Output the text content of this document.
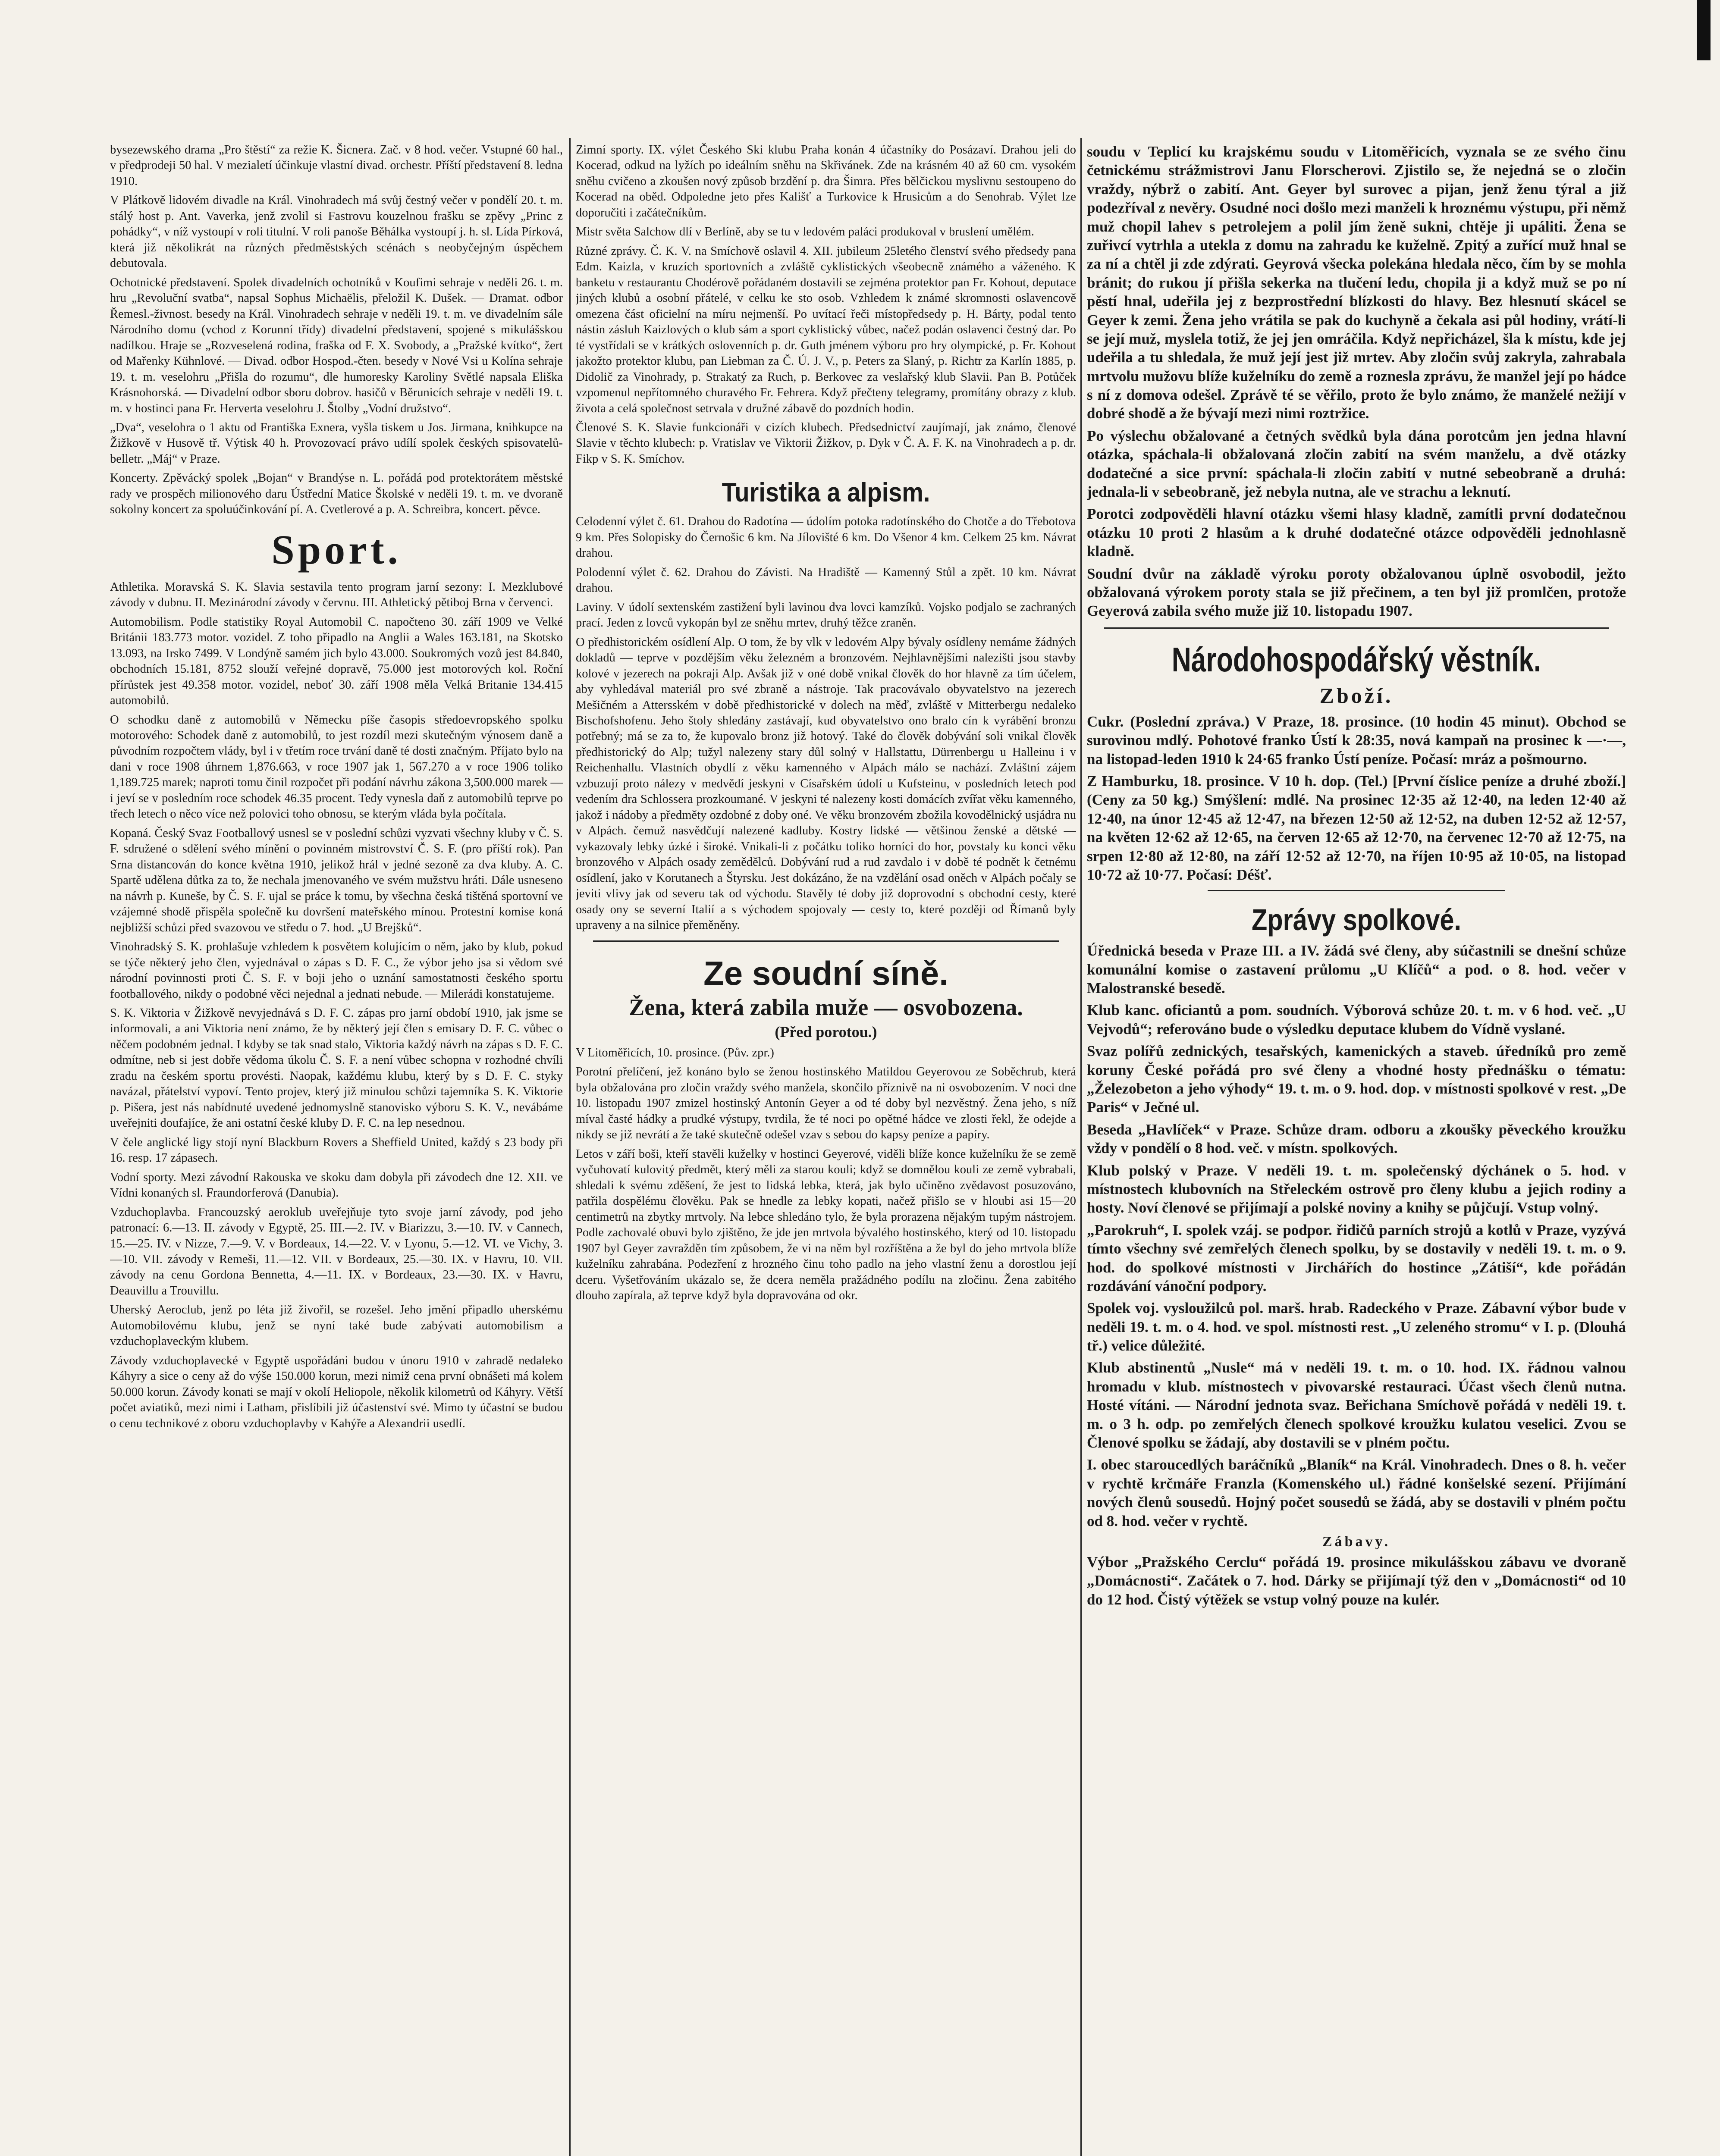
bysezewského drama „Pro štěstí“ za režie K. Šicnera. Zač. v 8 hod. večer. Vstupné 60 hal., v předprodeji 50 hal. V mezialetí účinkuje vlastní divad. orchestr. Příští představení 8. ledna 1910.

V Plátkově lidovém divadle na Král. Vinohradech má svůj čestný večer v pondělí 20. t. m. stálý host p. Ant. Vaverka, jenž zvolil si Fastrovu kouzelnou frašku se zpěvy „Princ z pohádky“, v níž vystoupí v roli titulní. V roli panoše Běhálka vystoupí j. h. sl. Lída Pírková, která již několikrát na různých předměstských scénách s neobyčejným úspěchem debutovala.

Ochotnické představení. Spolek divadelních ochotníků v Koufimi sehraje v neděli 26. t. m. hru „Revoluční svatba“, napsal Sophus Michaëlis, přeložil K. Dušek. — Dramat. odbor Řemesl.-živnost. besedy na Král. Vinohradech sehraje v neděli 19. t. m. ve divadelním sále Národního domu (vchod z Korunní třídy) divadelní představení, spojené s mikulášskou nadílkou. Hraje se „Rozveselená rodina, fraška od F. X. Svobody, a „Pražské kvítko“, žert od Mařenky Kühnlové. — Divad. odbor Hospod.-čten. besedy v Nové Vsi u Kolína sehraje 19. t. m. veselohru „Přišla do rozumu“, dle humoresky Karoliny Světlé napsala Eliška Krásnohorská. — Divadelní odbor sboru dobrov. hasičů v Běrunicích sehraje v neděli 19. t. m. v hostinci pana Fr. Herverta veselohru J. Štolby „Vodní družstvo“.

„Dva“, veselohra o 1 aktu od Františka Exnera, vyšla tiskem u Jos. Jirmana, knihkupce na Žižkově v Husově tř. Výtisk 40 h. Provozovací právo udílí spolek českých spisovatelů-belletr. „Máj“ v Praze.

Koncerty. Zpěvácký spolek „Bojan“ v Brandýse n. L. pořádá pod protektorátem městské rady ve prospěch milionového daru Ústřední Matice Školské v neděli 19. t. m. ve dvoraně sokolny koncert za spoluúčinkování pí. A. Cvetlerové a p. A. Schreibra, koncert. pěvce.

Sport.

Athletika. Moravská S. K. Slavia sestavila tento program jarní sezony: I. Mezklubové závody v dubnu. II. Mezinárodní závody v červnu. III. Athletický pětiboj Brna v červenci.

Automobilism. Podle statistiky Royal Automobil C. napočteno 30. září 1909 ve Velké Británii 183.773 motor. vozidel. Z toho připadlo na Anglii a Wales 163.181, na Skotsko 13.093, na Irsko 7499. V Londýně samém jich bylo 43.000. Soukromých vozů jest 84.840, obchodních 15.181, 8752 slouží veřejné dopravě, 75.000 jest motorových kol. Roční přírůstek jest 49.358 motor. vozidel, neboť 30. září 1908 měla Velká Britanie 134.415 automobilů.

O schodku daně z automobilů v Německu píše časopis středoevropského spolku motorového: Schodek daně z automobilů, to jest rozdíl mezi skutečným výnosem daně a původním rozpočtem vlády, byl i v třetím roce trvání daně té dosti značným. Příjato bylo na dani v roce 1908 úhrnem 1,876.663, v roce 1907 jak 1, 567.270 a v roce 1906 toliko 1,189.725 marek; naproti tomu činil rozpočet při podání návrhu zákona 3,500.000 marek — i jeví se v posledním roce schodek 46.35 procent. Tedy vynesla daň z automobilů teprve po třech letech o něco více než polovici toho obnosu, se kterým vláda byla počítala.

Kopaná. Český Svaz Footballový usnesl se v poslední schůzi vyzvati všechny kluby v Č. S. F. sdružené o sdělení svého mínění o povinném mistrovství Č. S. F. (pro příští rok). Pan Srna distancován do konce května 1910, jelikož hrál v jedné sezoně za dva kluby. A. C. Spartě udělena důtka za to, že nechala jmenovaného ve svém mužstvu hráti. Dále usneseno na návrh p. Kuneše, by Č. S. F. ujal se práce k tomu, by všechna česká tištěná sportovní ve vzájemné shodě přispěla společně ku dovršení mateřského mínou. Protestní komise koná nejbližší schůzi před svazovou ve středu o 7. hod. „U Brejšků“.

Vinohradský S. K. prohlašuje vzhledem k posvětem kolujícím o něm, jako by klub, pokud se týče některý jeho člen, vyjednával o zápas s D. F. C., že výbor jeho jsa si vědom své národní povinnosti proti Č. S. F. v boji jeho o uznání samostatnosti českého sportu footballového, nikdy o podobné věci nejednal a jednati nebude. — Milerádi konstatujeme.

S. K. Viktoria v Žižkově nevyjednává s D. F. C. zápas pro jarní období 1910, jak jsme se informovali, a ani Viktoria není známo, že by některý její člen s emisary D. F. C. vůbec o něčem podobném jednal. I kdyby se tak snad stalo, Viktoria každý návrh na zápas s D. F. C. odmítne, neb si jest dobře vědoma úkolu Č. S. F. a není vůbec schopna v rozhodné chvíli zradu na českém sportu provésti. Naopak, každému klubu, který by s D. F. C. styky navázal, přátelství vypoví. Tento projev, který již minulou schůzi tajemníka S. K. Viktorie p. Pišera, jest nás nabídnuté uvedené jednomyslně stanovisko výboru S. K. V., nevábáme uveřejniti doufajíce, že ani ostatní české kluby D. F. C. na lep nesednou.

V čele anglické ligy stojí nyní Blackburn Rovers a Sheffield United, každý s 23 body při 16. resp. 17 zápasech.

Vodní sporty. Mezi závodní Rakouska ve skoku dam dobyla při závodech dne 12. XII. ve Vídni konaných sl. Fraundorferová (Danubia).

Vzduchoplavba. Francouzský aeroklub uveřejňuje tyto svoje jarní závody, pod jeho patronací: 6.—13. II. závody v Egyptě, 25. III.—2. IV. v Biarizzu, 3.—10. IV. v Cannech, 15.—25. IV. v Nizze, 7.—9. V. v Bordeaux, 14.—22. V. v Lyonu, 5.—12. VI. ve Vichy, 3.—10. VII. závody v Remeši, 11.—12. VII. v Bordeaux, 25.—30. IX. v Havru, 10. VII. závody na cenu Gordona Bennetta, 4.—11. IX. v Bordeaux, 23.—30. IX. v Havru, Deauvillu a Trouvillu.

Uherský Aeroclub, jenž po léta již živořil, se rozešel. Jeho jmění připadlo uherskému Automobilovému klubu, jenž se nyní také bude zabývati automobilism a vzduchoplaveckým klubem.

Závody vzduchoplavecké v Egyptě uspořádáni budou v únoru 1910 v zahradě nedaleko Káhyry a sice o ceny až do výše 150.000 korun, mezi nimiž cena první obnášeti má kolem 50.000 korun. Závody konati se mají v okolí Heliopole, několik kilometrů od Káhyry. Větší počet aviatiků, mezi nimi i Latham, přislíbili již účastenství své. Mimo ty účastní se budou o cenu technikové z oboru vzduchoplavby v Kahýře a Alexandrii usedlí.

Zimní sporty. IX. výlet Českého Ski klubu Praha konán 4 účastníky do Posázaví. Drahou jeli do Kocerad, odkud na lyžích po ideálním sněhu na Skřivánek. Zde na krásném 40 až 60 cm. vysokém sněhu cvičeno a zkoušen nový způsob brzdění p. dra Šimra. Přes bělčickou myslivnu sestoupeno do Kocerad na oběd. Odpoledne jeto přes Kališť a Turkovice k Hrusicům a do Senohrab. Výlet lze doporučiti i začátečníkům.

Mistr světa Salchow dlí v Berlíně, aby se tu v ledovém paláci produkoval v bruslení umělém.

Různé zprávy. Č. K. V. na Smíchově oslavil 4. XII. jubileum 25letého členství svého předsedy pana Edm. Kaizla, v kruzích sportovních a zvláště cyklistických všeobecně známého a váženého. K banketu v restaurantu Chodérově pořádaném dostavili se zejména protektor pan Fr. Kohout, deputace jiných klubů a osobní přátelé, v celku ke sto osob. Vzhledem k známé skromnosti oslavencově omezena část oficielní na míru nejmenší. Po uvítací řeči místopředsedy p. H. Bárty, podal tento nástin zásluh Kaizlových o klub sám a sport cyklistický vůbec, načež podán oslavenci čestný dar. Po té vystřídali se v krátkých oslovenních p. dr. Guth jménem výboru pro hry olympické, p. Fr. Kohout jakožto protektor klubu, pan Liebman za Č. Ú. J. V., p. Peters za Slaný, p. Richtr za Karlín 1885, p. Didolič za Vinohrady, p. Strakatý za Ruch, p. Berkovec za veslařský klub Slavii. Pan B. Potůček vzpomenul nepřítomného churavého Fr. Fehrera. Když přečteny telegramy, promítány obrazy z klub. života a celá společnost setrvala v družné zábavě do pozdních hodin.

Členové S. K. Slavie funkcionáři v cizích klubech. Předsednictví zaujímají, jak známo, členové Slavie v těchto klubech: p. Vratislav ve Viktorii Žižkov, p. Dyk v Č. A. F. K. na Vinohradech a p. dr. Fikp v S. K. Smíchov.

Turistika a alpism.

Celodenní výlet č. 61. Drahou do Radotína — údolím potoka radotínského do Chotče a do Třebotova 9 km. Přes Solopisky do Černošic 6 km. Na Jílovišté 6 km. Do Všenor 4 km. Celkem 25 km. Návrat drahou.

Polodenní výlet č. 62. Drahou do Závisti. Na Hradiště — Kamenný Stůl a zpět. 10 km. Návrat drahou.

Laviny. V údolí sextenském zastižení byli lavinou dva lovci kamzíků. Vojsko podjalo se zachraných prací. Jeden z lovců vykopán byl ze sněhu mrtev, druhý těžce zraněn.

O předhistorickém osídlení Alp. O tom, že by vlk v ledovém Alpy bývaly osídleny nemáme žádných dokladů — teprve v pozdějším věku železném a bronzovém. Nejhlavnějšími nalezišti jsou stavby kolové v jezerech na pokraji Alp. Avšak již v oné době vnikal člověk do hor hlavně za tím účelem, aby vyhledával materiál pro své zbraně a nástroje. Tak pracovávalo obyvatelstvo na jezerech Mešičném a Attersském v době předhistorické v dolech na měď, zvláště v Mitterbergu nedaleko Bischofshofenu. Jeho štoly shledány zastávají, kud obyvatelstvo ono bralo cín k vyrábění bronzu potřebný; má se za to, že kupovalo bronz již hotový. Také do člověk dobývání soli vnikal člověk předhistorický do Alp; tužyl nalezeny stary důl solný v Hallstattu, Dürrenbergu u Halleinu i v Reichenhallu. Vlastních obydlí z věku kamenného v Alpách málo se nachází. Zvláštní zájem vzbuzují proto nálezy v medvědí jeskyni v Císařském údolí u Kufsteinu, v posledních letech pod vedením dra Schlossera prozkoumané. V jeskyni té nalezeny kosti domácích zvířat věku kamenného, jakož i nádoby a předměty ozdobné z doby oné. Ve věku bronzovém zbožila kovodělnický usjádra nu v Alpách. čemuž nasvědčují nalezené kadluby. Kostry lidské — většinou ženské a dětské — vykazovaly lebky úzké i široké. Vnikali-li z počátku toliko horníci do hor, povstaly ku konci věku bronzového v Alpách osady zemědělců. Dobývání rud a rud zavdalo i v době té podnět k četnému osídlení, jako v Korutanech a Štyrsku. Jest dokázáno, že na vzdělání osad oněch v Alpách počaly se jeviti vlivy jak od severu tak od východu. Stavěly té doby již doprovodní s obchodní cesty, které osady ony se severní Italií a s východem spojovaly — cesty to, které později od Římanů byly upraveny a na silnice přeměněny.

Ze soudní síně.
Žena, která zabila muže — osvobozena.
(Před porotou.)

V Litoměřicích, 10. prosince. (Pův. zpr.)

Porotní přelíčení, jež konáno bylo se ženou hostinského Matildou Geyerovou ze Soběchrub, která byla obžalována pro zločin vraždy svého manžela, skončilo příznivě na ni osvobozením. V noci dne 10. listopadu 1907 zmizel hostinský Antonín Geyer a od té doby byl nezvěstný. Žena jeho, s níž míval časté hádky a prudké výstupy, tvrdila, že té noci po opětné hádce ve zlosti řekl, že odejde a nikdy se již nevrátí a že také skutečně odešel vzav s sebou do kapsy peníze a papíry.

Letos v září boši, kteří stavěli kuželky v hostinci Geyerové, viděli blíže konce kuželníku že se země vyčuhovatí kulovitý předmět, který měli za starou kouli; když se domnělou kouli ze země vybrabali, shledali k svému zděšení, že jest to lidská lebka, která, jak bylo učiněno zvědavost posuzováno, patřila dospělému člověku. Pak se hnedle za lebky kopati, načež přišlo se v hloubi asi 15—20 centimetrů na zbytky mrtvoly. Na lebce shledáno tylo, že byla prorazena nějakým tupým nástrojem. Podle zachovalé obuvi bylo zjištěno, že jde jen mrtvola bývalého hostinského, který od 10. listopadu 1907 byl Geyer zavražděn tím způsobem, že vi na něm byl rozříštěna a že byl do jeho mrtvola blíže kuželníku zahrabána. Podezření z hrozného činu toho padlo na jeho vlastní ženu a dorostlou její dceru. Vyšetřováním ukázalo se, že dcera neměla pražádného podílu na zločinu. Žena zabitého dlouho zapírala, až teprve když byla dopravována od okr.

soudu v Teplicí ku krajskému soudu v Litoměřicích, vyznala se ze svého činu četnickému strážmistrovi Janu Florscherovi. Zjistilo se, že nejedná se o zločin vraždy, nýbrž o zabití. Ant. Geyer byl surovec a pijan, jenž ženu týral a již podezříval z nevěry. Osudné noci došlo mezi manželi k hroznému výstupu, při němž muž chopil lahev s petrolejem a polil jím ženě sukni, chtěje ji upáliti. Žena se zuřivcí vytrhla a utekla z domu na zahradu ke kuželně. Zpitý a zuřící muž hnal se za ní a chtěl ji zde zdýrati. Geyrová všecka polekána hledala něco, čím by se mohla bránit; do rukou jí přišla sekerka na tlučení ledu, chopila ji a když muž se po ní pěstí hnal, udeřila jej z bezprostřední blízkosti do hlavy. Bez hlesnutí skácel se Geyer k zemi. Žena jeho vrátila se pak do kuchyně a čekala asi půl hodiny, vrátí-li se její muž, myslela totiž, že jej jen omráčila. Když nepřicházel, šla k místu, kde jej udeřila a tu shledala, že muž její jest již mrtev. Aby zločin svůj zakryla, zahrabala mrtvolu mužovu blíže kuželníku do země a roznesla zprávu, že manžel její po hádce s ní z domova odešel. Zprávě té se věřilo, proto že bylo známo, že manželé nežijí v dobré shodě a že bývají mezi nimi roztržice.

Po výslechu obžalované a četných svědků byla dána porotcům jen jedna hlavní otázka, spáchala-li obžalovaná zločin zabití na svém manželu, a dvě otázky dodatečné a sice první: spáchala-li zločin zabití v nutné sebeobraně a druhá: jednala-li v sebeobraně, jež nebyla nutna, ale ve strachu a leknutí.

Porotci zodpověděli hlavní otázku všemi hlasy kladně, zamítli první dodatečnou otázku 10 proti 2 hlasům a k druhé dodatečné otázce odpověděli jednohlasně kladně.

Soudní dvůr na základě výroku poroty obžalovanou úplně osvobodil, ježto obžalovaná výrokem poroty stala se již přečinem, a ten byl již promlčen, protože Geyerová zabila svého muže již 10. listopadu 1907.

Národohospodářský věstník.
Zboží.

Cukr. (Poslední zpráva.) V Praze, 18. prosince. (10 hodin 45 minut). Obchod se surovinou mdlý. Pohotové franko Ústí k 28:35, nová kampaň na prosinec k —·—, na listopad-leden 1910 k 24·65 franko Ústí peníze. Počasí: mráz a pošmourno.

Z Hamburku, 18. prosince. V 10 h. dop. (Tel.) [První číslice peníze a druhé zboží.] (Ceny za 50 kg.) Smýšlení: mdlé. Na prosinec 12·35 až 12·40, na leden 12·40 až 12·40, na únor 12·45 až 12·47, na březen 12·50 až 12·52, na duben 12·52 až 12·57, na květen 12·62 až 12·65, na červen 12·65 až 12·70, na červenec 12·70 až 12·75, na srpen 12·80 až 12·80, na září 12·52 až 12·70, na říjen 10·95 až 10·05, na listopad 10·72 až 10·77. Počasí: Déšť.

Zprávy spolkové.

Úřednická beseda v Praze III. a IV. žádá své členy, aby súčastnili se dnešní schůze komunální komise o zastavení průlomu „U Klíčů“ a pod. o 8. hod. večer v Malostranské besedě.

Klub kanc. oficiantů a pom. soudních. Výborová schůze 20. t. m. v 6 hod. več. „U Vejvodů“; referováno bude o výsledku deputace klubem do Vídně vyslané.

Svaz polířů zednických, tesařských, kamenických a staveb. úředníků pro země koruny České pořádá pro své členy a vhodné hosty přednášku o tématu: „Železobeton a jeho výhody“ 19. t. m. o 9. hod. dop. v místnosti spolkové v rest. „De Paris“ v Ječné ul.

Beseda „Havlíček“ v Praze. Schůze dram. odboru a zkoušky pěveckého kroužku vždy v pondělí o 8 hod. več. v místn. spolkových.

Klub polský v Praze. V neděli 19. t. m. společenský dýchánek o 5. hod. v místnostech klubovních na Střeleckém ostrově pro členy klubu a jejich rodiny a hosty. Noví členové se přijímají a polské noviny a knihy se půjčují. Vstup volný.

„Parokruh“, I. spolek vzáj. se podpor. řidičů parních strojů a kotlů v Praze, vyzývá tímto všechny své zemřelých členech spolku, by se dostavily v neděli 19. t. m. o 9. hod. do spolkové místnosti v Jirchářích do hostince „Zátiší“, kde pořádán rozdávání vánoční podpory.

Spolek voj. vysloužilců pol. marš. hrab. Radeckého v Praze. Zábavní výbor bude v neděli 19. t. m. o 4. hod. ve spol. místnosti rest. „U zeleného stromu“ v I. p. (Dlouhá tř.) velice důležité.

Klub abstinentů „Nusle“ má v neděli 19. t. m. o 10. hod. IX. řádnou valnou hromadu v klub. místnostech v pivovarské restauraci. Účast všech členů nutna. Hosté vítáni. — Národní jednota svaz. Beřichana Smíchově pořádá v neděli 19. t. m. o 3 h. odp. po zemřelých členech spolkové kroužku kulatou veselici. Zvou se Členové spolku se žádají, aby dostavili se v plném počtu.

I. obec staroucedlých baráčníků „Blaník“ na Král. Vinohradech. Dnes o 8. h. večer v rychtě krčmáře Franzla (Komenského ul.) řádné konšelské sezení. Přijímání nových členů sousedů. Hojný počet sousedů se žádá, aby se dostavili v plném počtu od 8. hod. večer v rychtě.

Zábavy.

Výbor „Pražského Cerclu“ pořádá 19. prosince mikulášskou zábavu ve dvoraně „Domácnosti“. Začátek o 7. hod. Dárky se přijímají týž den v „Domácnosti“ od 10 do 12 hod. Čistý výtěžek se vstup volný pouze na kulér.
